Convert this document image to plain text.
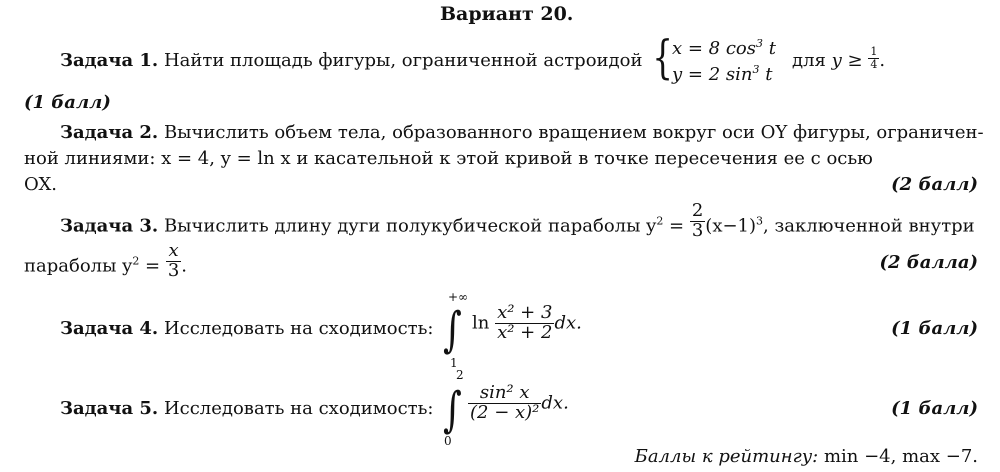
Вариант 20.
Задача 1. Найти площадь фигуры, ограниченной астроидой { x = 8 $\cos^3 t$
y = 2 $\sin^3 t$
для $y \ge \frac{1}{4}$ .
(1 балл)
Задача 2. Вычислить объем тела, образованного вращением вокруг оси OY фигуры, ограничен-
ной линиями: x = 4, y = ln x и касательной к этой кривой в точке пересечения ее с осью
OX.	(2 балл)
Задача 3. Вычислить длину дуги полукубической параболы $y^2 = \frac{2}{3} (x-1)^3$, заключенной внутри
параболы $y^2 = \frac{x}{3}$ .	(2 балла)
Задача 4. Исследовать на сходимость:
+∞
∫
1
$\ln \frac{\text{x² + 3}}{\text{x² + 2}}$ dx.	(1 балл)
Задача 5. Исследовать на сходимость:
2
∫
0
$\frac{\text{sin² x}}{\text{(2 − x)²}}$ dx.	(1 балл)
Баллы к рейтингу: min −4, max −7.
